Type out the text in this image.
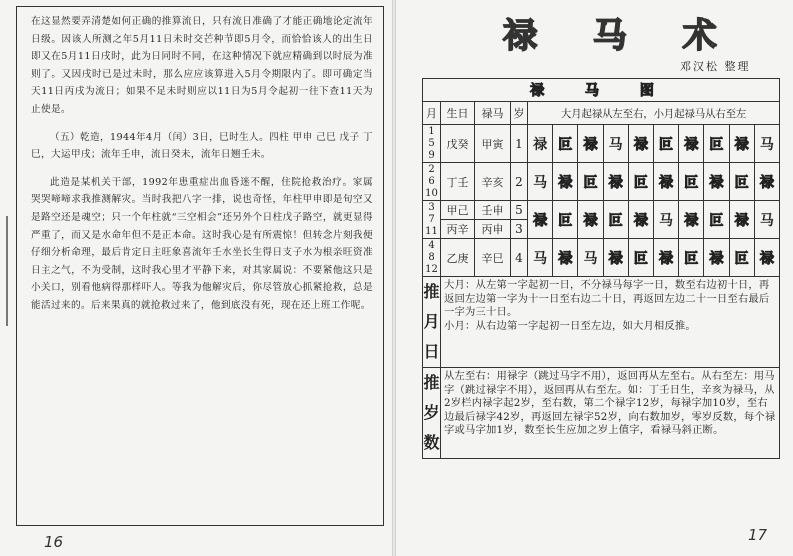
在这显然要弄清楚如何正确的推算流日，只有流日准确了才能正确地论定流年日级。因该人所测之年5月11日未时交芒种节即5月令，而恰恰该人的出生日即又在5月11日戌时，此为日同时不同，在这种情况下就应精确到以时辰为准则了。又因戌时已是过未时，那么应应该算进入5月令期限内了。即可确定当天11日丙戌为流日；如果不足未时则应以11日为5月令起初一往下查11天为止使是。

（五）乾造，1944年4月（闰）3日，巳时生人。四柱 甲申 己巳 戊子 丁巳，大运甲戌；流年壬申，流日癸未，流年日翘壬未。

此造是某机关干部，1992年患重症出血昏迷不醒，住院抢救治疗。家属哭哭啼啼求我推测解灾。当时我把八字一排，说也奇怪，年柱甲申即是旬空又是路空还是魂空；只一个年柱就“三空相会”还另外个日柱戊子路空，就更显得严重了，而又是水命年但不是正本命。这时我心是有所震惊！但转念片刻我便仔细分析命理，最后肯定日主旺象喜流年壬水坐长生得日支子水为根亲旺资准日主之气，不为受制，这时我心里才平静下来，对其家属说：不要紧他这只是小关口，别看他病得那样吓人。等我为他解灾后，你尽管放心抓紧抢救，总是能活过来的。后来果真的就抢救过来了，他到底没有死，现在还上班工作呢。

16
禄 马 术
邓汉松 整理
禄 马 图													
月	生日	禄马	岁	大月起禄从左至右，小月起禄马从右至左									

1
5
9	戊癸	甲寅	1	禄	叵	禄	马	禄	叵	禄	叵	禄	马

2
6
10	丁壬	辛亥	2	马	禄	叵	禄	叵	禄	叵	禄	叵	禄

3
7
11	甲己	壬申	5	禄	叵	禄	叵	禄	马	禄	叵	禄	马
	丙辛	丙申	3										

4
8
12	乙庚	辛巳	4	马	禄	马	禄	叵	禄	叵	禄	叵	禄
推月日	大月：从左第一字起初一日，不分禄马每字一日，数至右边初十日，再返回左边第一字为十一日至右边二十日，再返回左边二十一日至右最后一字为三十日。
小月：从右边第一字起初一日至左边，如大月相反推。												

推岁数	从左至右：用禄字（跳过马字不用），返回再从左至右。从右至左：用马字（跳过禄字不用），返回再从右至左。如：丁壬日生，辛亥为禄马，从2岁栏内禄字起2岁，至右数，第二个禄字12岁，每禄字加10岁，至右边最后禄字42岁，再返回左禄字52岁，向右数加岁，零岁反数，每个禄字或马字加1岁，数至长生应加之岁上值字，看禄马斜正断。												
17
